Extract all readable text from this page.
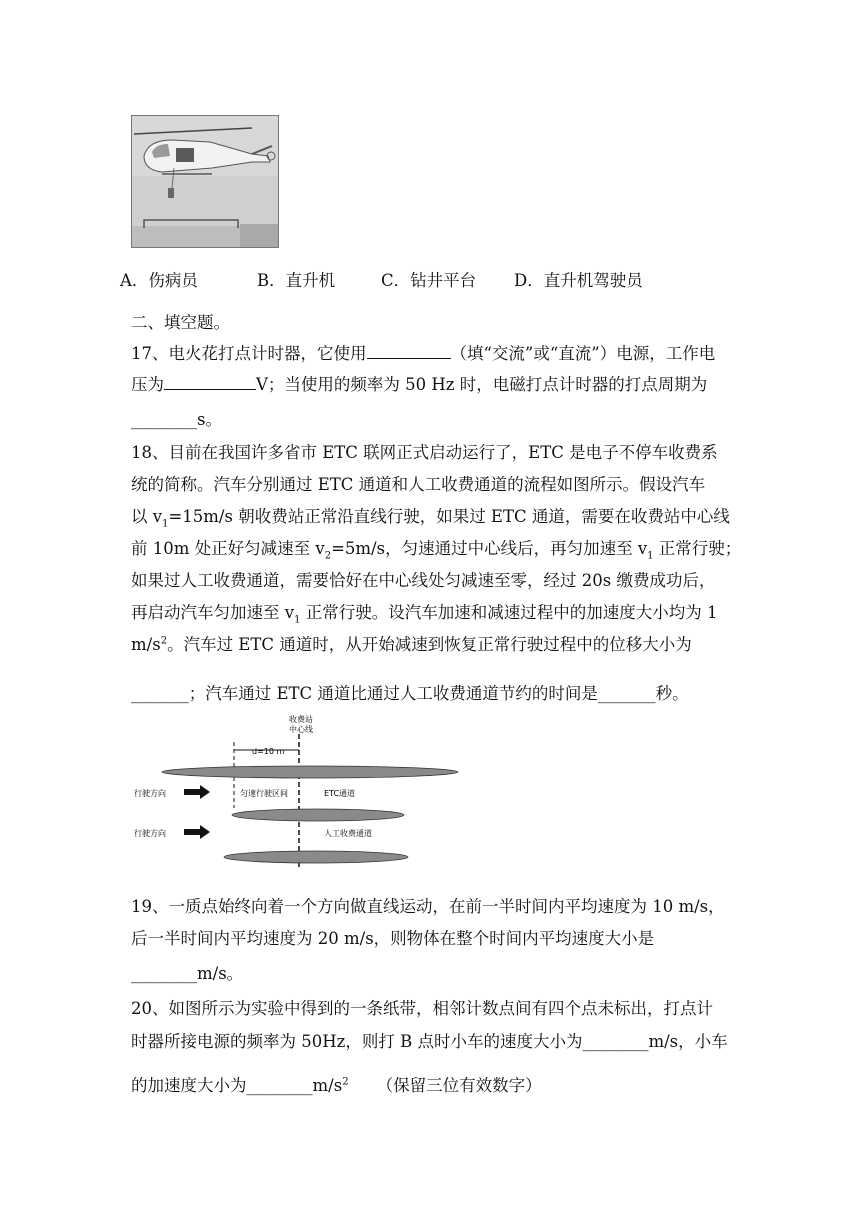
A．伤病员	B．直升机	C．钻井平台 D．直升机驾驶员
二、填空题。
17、电火花打点计时器，它使用	（填“交流”或“直流”）电源，工作电
压为	V；当使用的频率为 50 Hz 时，电磁打点计时器的打点周期为
________s。
18、目前在我国许多省市 ETC 联网正式启动运行了，ETC 是电子不停车收费系
统的简称。汽车分别通过 ETC 通道和人工收费通道的流程如图所示。假设汽车
以 $v_1=15m/s$ 朝收费站正常沿直线行驶，如果过 ETC 通道，需要在收费站中心线
前 10m 处正好匀减速至 $v_2=5m/s$，匀速通过中心线后，再匀加速至 $v_1$ 正常行驶；
如果过人工收费通道，需要恰好在中心线处匀减速至零，经过 20s 缴费成功后，
再启动汽车匀加速至 $v_1$ 正常行驶。设汽车加速和减速过程中的加速度大小均为 1
$m/s^2$。汽车过 ETC 通道时，从开始减速到恢复正常行驶过程中的位移大小为
_______；汽车通过 ETC 通道比通过人工收费通道节约的时间是_______秒。
收费站
中心线
d=10 m
行驶方向
行驶方向
匀速行驶区间	ETC通道
人工收费通道
19、一质点始终向着一个方向做直线运动，在前一半时间内平均速度为 10 m/s，
后一半时间内平均速度为 20 m/s，则物体在整个时间内平均速度大小是
________m/s。
20、如图所示为实验中得到的一条纸带，相邻计数点间有四个点未标出，打点计
时器所接电源的频率为 50Hz，则打 B 点时小车的速度大小为________m/s，小车
的加速度大小为$\_\_\_\_\_\_\_\_m/s^2$ （保留三位有效数字）
